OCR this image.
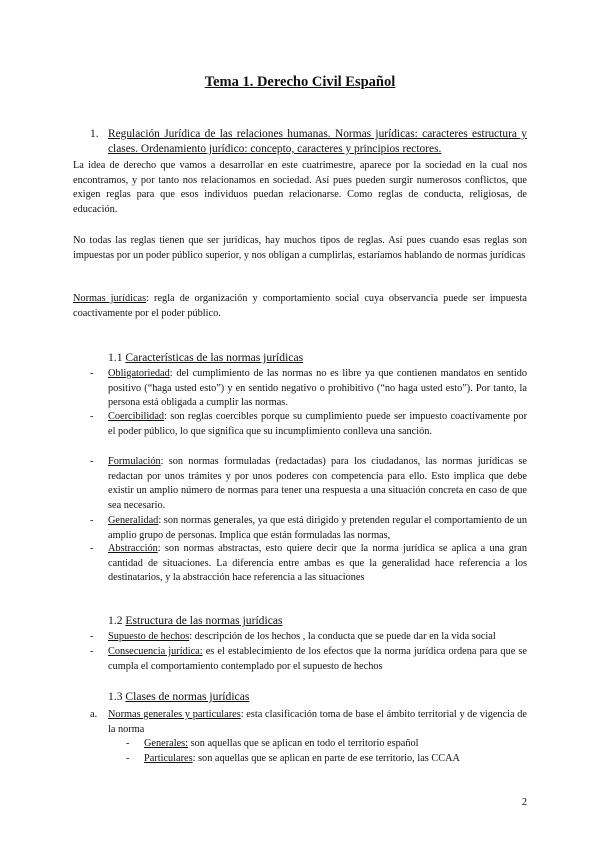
Tema 1. Derecho Civil Español
1. Regulación Jurídica de las relaciones humanas. Normas jurídicas: caracteres estructura y clases. Ordenamiento jurídico: concepto, caracteres y principios rectores.
La idea de derecho que vamos a desarrollar en este cuatrimestre, aparece por la sociedad en la cual nos encontramos, y por tanto nos relacionamos en sociedad. Así pues pueden surgir numerosos conflictos, que exigen reglas para que esos individuos puedan relacionarse. Como reglas de conducta, religiosas, de educación.
No todas las reglas tienen que ser jurídicas, hay muchos tipos de reglas. Así pues cuando esas reglas son impuestas por un poder público superior, y nos obligan a cumplirlas, estaríamos hablando de normas jurídicas
Normas jurídicas: regla de organización y comportamiento social cuya observancia puede ser impuesta coactivamente por el poder público.
1.1 Características de las normas jurídicas
-	Obligatoriedad: del cumplimiento de las normas no es libre ya que contienen mandatos en sentido positivo (“haga usted esto”) y en sentido negativo o prohibitivo (“no haga usted esto”). Por tanto, la persona está obligada a cumplir las normas.
-	Coercibilidad: son reglas coercibles porque su cumplimiento puede ser impuesto coactivamente por el poder público, lo que significa que su incumplimiento conlleva una sanción.
-	Formulación: son normas formuladas (redactadas) para los ciudadanos, las normas jurídicas se redactan por unos trámites y por unos poderes con competencia para ello. Esto implica que debe existir un amplio número de normas para tener una respuesta a una situación concreta en caso de que sea necesario.
-	Generalidad: son normas generales, ya que está dirigido y pretenden regular el comportamiento de un amplio grupo de personas. Implica que están formuladas las normas,
-	Abstracción: son normas abstractas, esto quiere decir que la norma jurídica se aplica a una gran cantidad de situaciones. La diferencia entre ambas es que la generalidad hace referencia a los destinatarios, y la abstracción hace referencia a las situaciones
1.2 Estructura de las normas jurídicas
-	Supuesto de hechos: descripción de los hechos , la conducta que se puede dar en la vida social
-	Consecuencia jurídica: es el establecimiento de los efectos que la norma jurídica ordena para que se cumpla el comportamiento contemplado por el supuesto de hechos
1.3 Clases de normas jurídicas
a.	Normas generales y particulares: esta clasificación toma de base el ámbito territorial y de vigencia de la norma
-	Generales: son aquellas que se aplican en todo el territorio español
-	Particulares: son aquellas que se aplican en parte de ese territorio, las CCAA
2
